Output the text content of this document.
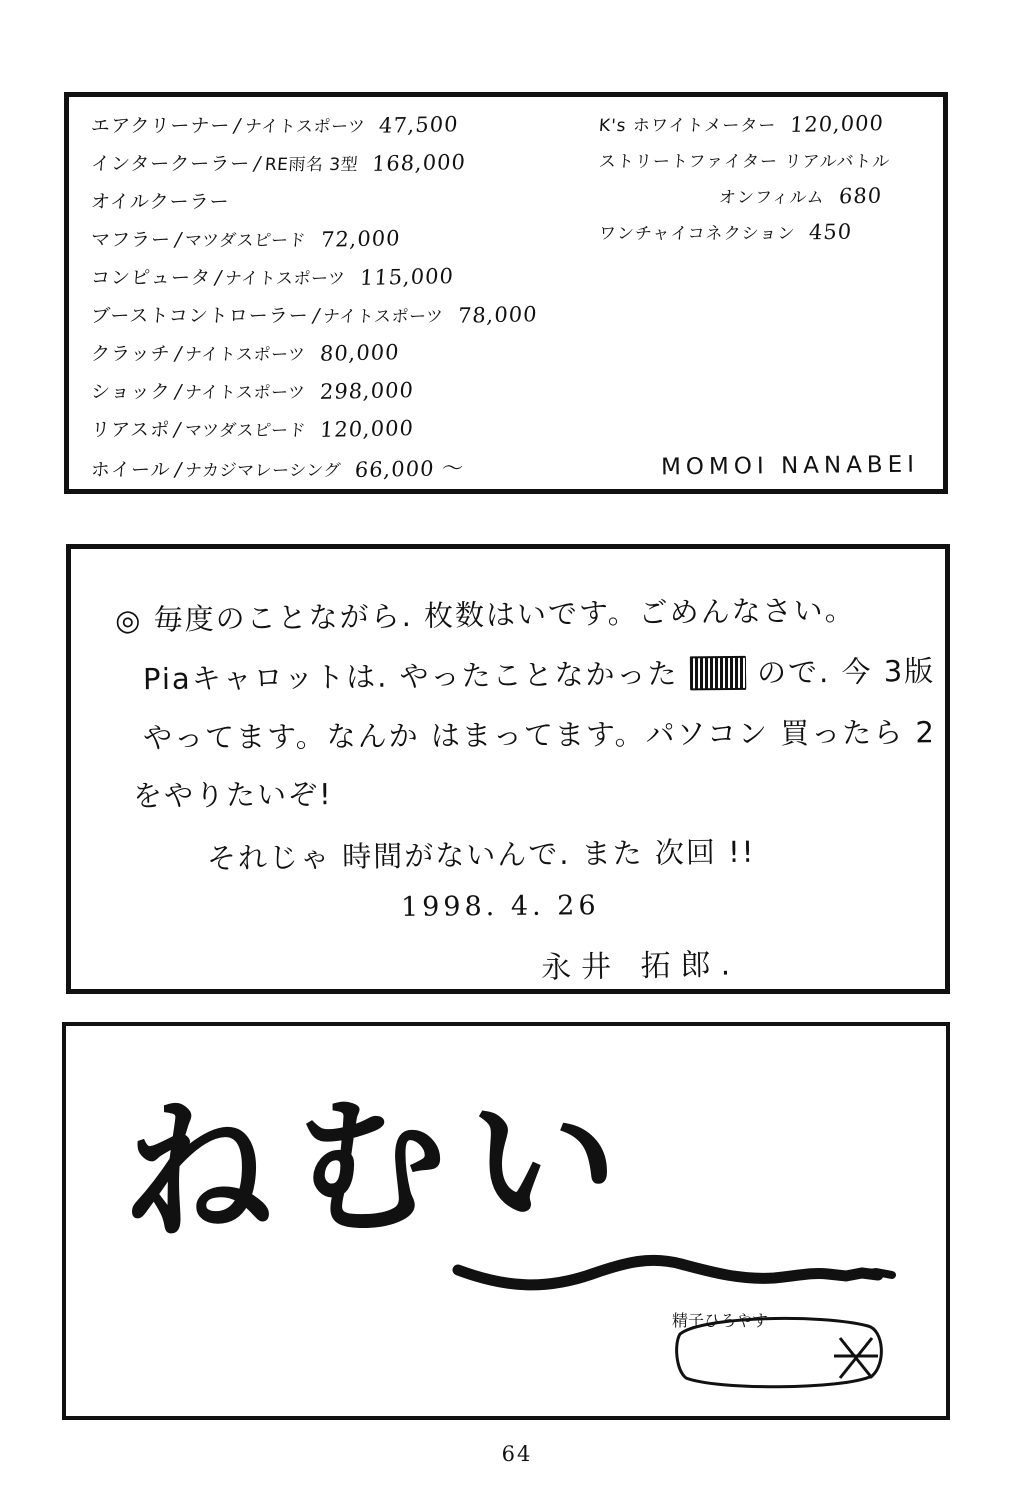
エアクリーナー / ナイトスポーツ 47,500
インタークーラー / RE雨名 3型 168,000
オイルクーラー
マフラー / マツダスピード 72,000
コンピュータ / ナイトスポーツ 115,000
ブーストコントローラー / ナイトスポーツ 78,000
クラッチ / ナイトスポーツ 80,000
ショック / ナイトスポーツ 298,000
リアスポ / マツダスピード 120,000
ホイール / ナカジマレーシング 66,000 〜
K's ホワイトメーター 120,000
ストリートファイター リアルバトル
オンフィルム 680
ワンチャイコネクション 450
MOMOI NANABEI
◎ 毎度のことながら. 枚数はいです。ごめんなさい。
Piaキャロットは. やったことなかった	ので. 今 3版
やってます。なんか はまってます。パソコン 買ったら 2
をやりたいぞ!
それじゃ 時間がないんで. また 次回 !!
1998. 4. 26
永井 拓郎.
ねむい
精子ひろやす
64
